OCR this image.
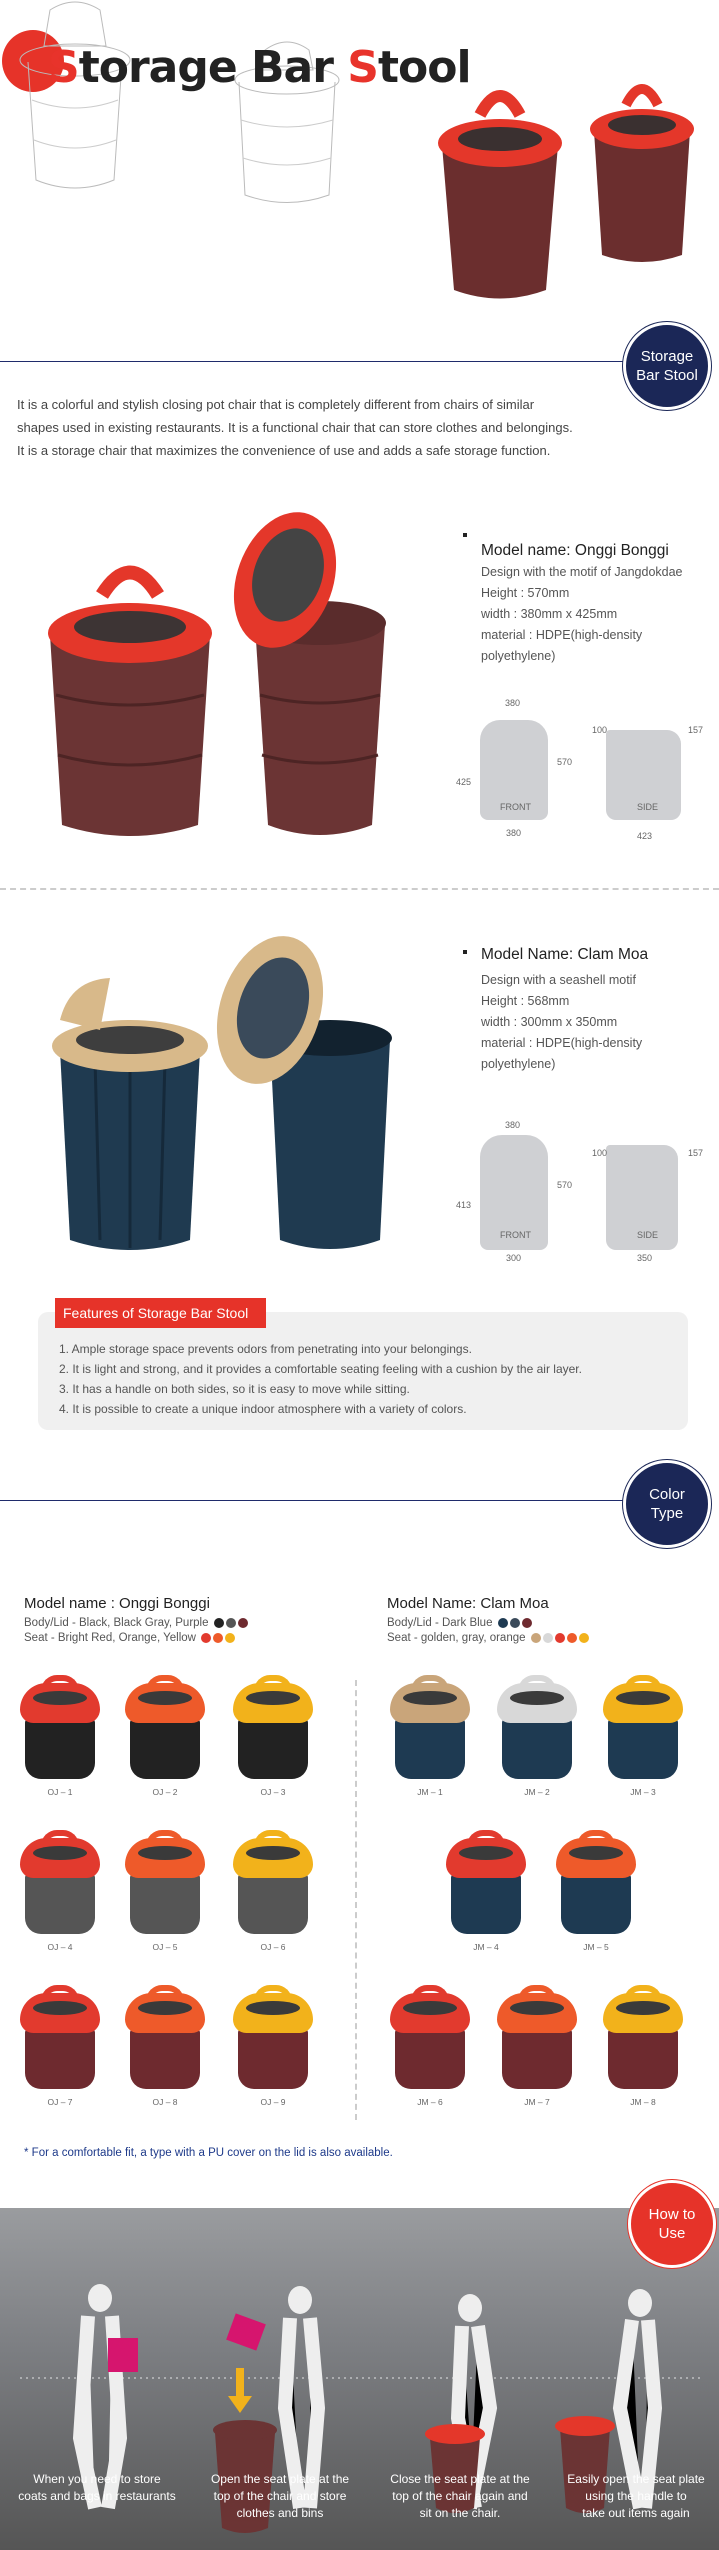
Storage Bar Stool
Storage
Bar Stool

It is a colorful and stylish closing pot chair that is completely different from chairs of similar

shapes used in existing restaurants. It is a functional chair that can store clothes and belongings.

It is a storage chair that maximizes the convenience of use and adds a safe storage function.

Model name: Onggi Bonggi
Design with the motif of Jangdokdae
Height : 570mm
width : 380mm x 425mm
material : HDPE(high-density polyethylene)
380
570
425
380
FRONT
100	157
423
SIDE
Model Name: Clam Moa
Design with a seashell motif
Height : 568mm
width : 300mm x 350mm
material : HDPE(high-density polyethylene)
380
570
413
300
FRONT
100	157
350
SIDE
1. Ample storage space prevents odors from penetrating into your belongings.
2. It is light and strong, and it provides a comfortable seating feeling with a cushion by the air layer.
3. It has a handle on both sides, so it is easy to move while sitting.
4. It is possible to create a unique indoor atmosphere with a variety of colors.
Features of Storage Bar Stool
Color
Type
Model name : Onggi Bonggi
Body/Lid - Black, Black Gray, Purple
Seat - Bright Red, Orange, Yellow
Model Name: Clam Moa
Body/Lid - Dark Blue
Seat - golden, gray, orange
* For a comfortable fit, a type with a PU cover on the lid is also available.
How to
Use
When you need to store
coats and bags in restaurants
Open the seat plate at the
top of the chair and store
clothes and bins
Close the seat plate at the
top of the chair again and
sit on the chair.
Easily open the seat plate
using the handle to
take out items again
OJ – 1	OJ – 2	OJ – 3
OJ – 4	OJ – 5	OJ – 6
OJ – 7	OJ – 8	OJ – 9
JM – 1	JM – 2	JM – 3
JM – 4	JM – 5
JM – 6	JM – 7	JM – 8
